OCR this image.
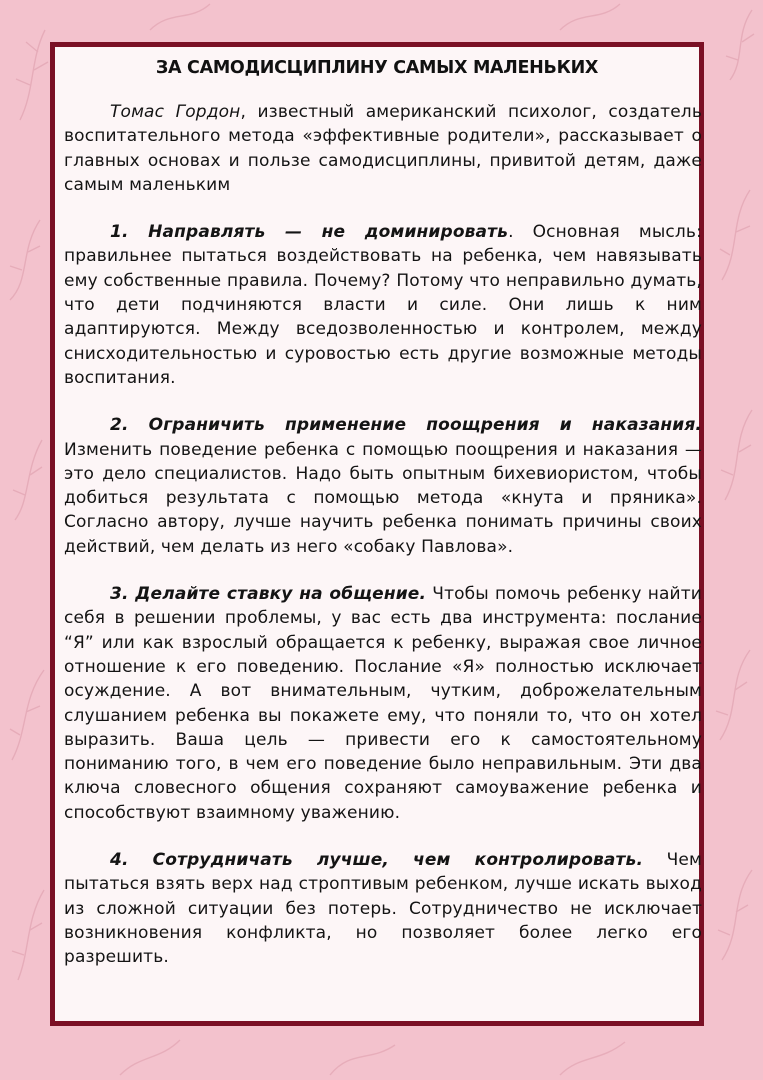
ЗА САМОДИСЦИПЛИНУ САМЫХ МАЛЕНЬКИХ

Томас Гордон, известный американский психолог, создатель воспитательного метода «эффективные родители», рассказывает о главных основах и пользе самодисциплины, привитой детям, даже самым маленьким

1. Направлять — не доминировать. Основная мысль: правильнее пытаться воздействовать на ребенка, чем навязывать ему собственные правила. Почему? Потому что неправильно думать, что дети подчиняются власти и силе. Они лишь к ним адаптируются. Между вседозволенностью и контролем, между снисходительностью и суровостью есть другие возможные методы воспитания.

2. Ограничить применение поощрения и наказания. Изменить поведение ребенка с помощью поощрения и наказания — это дело специалистов. Надо быть опытным бихевиористом, чтобы добиться результата с помощью метода «кнута и пряника». Согласно автору, лучше научить ребенка понимать причины своих действий, чем делать из него «собаку Павлова».

3. Делайте ставку на общение. Чтобы помочь ребенку найти себя в решении проблемы, у вас есть два инструмента: послание “Я” или как взрослый обращается к ребенку, выражая свое личное отношение к его поведению. Послание «Я» полностью исключает осуждение. А вот внимательным, чутким, доброжелательным слушанием ребенка вы покажете ему, что поняли то, что он хотел выразить. Ваша цель — привести его к самостоятельному пониманию того, в чем его поведение было неправильным. Эти два ключа словесного общения сохраняют самоуважение ребенка и способствуют взаимному уважению.

4. Сотрудничать лучше, чем контролировать. Чем пытаться взять верх над строптивым ребенком, лучше искать выход из сложной ситуации без потерь. Сотрудничество не исключает возникновения конфликта, но позволяет более легко его разрешить.
